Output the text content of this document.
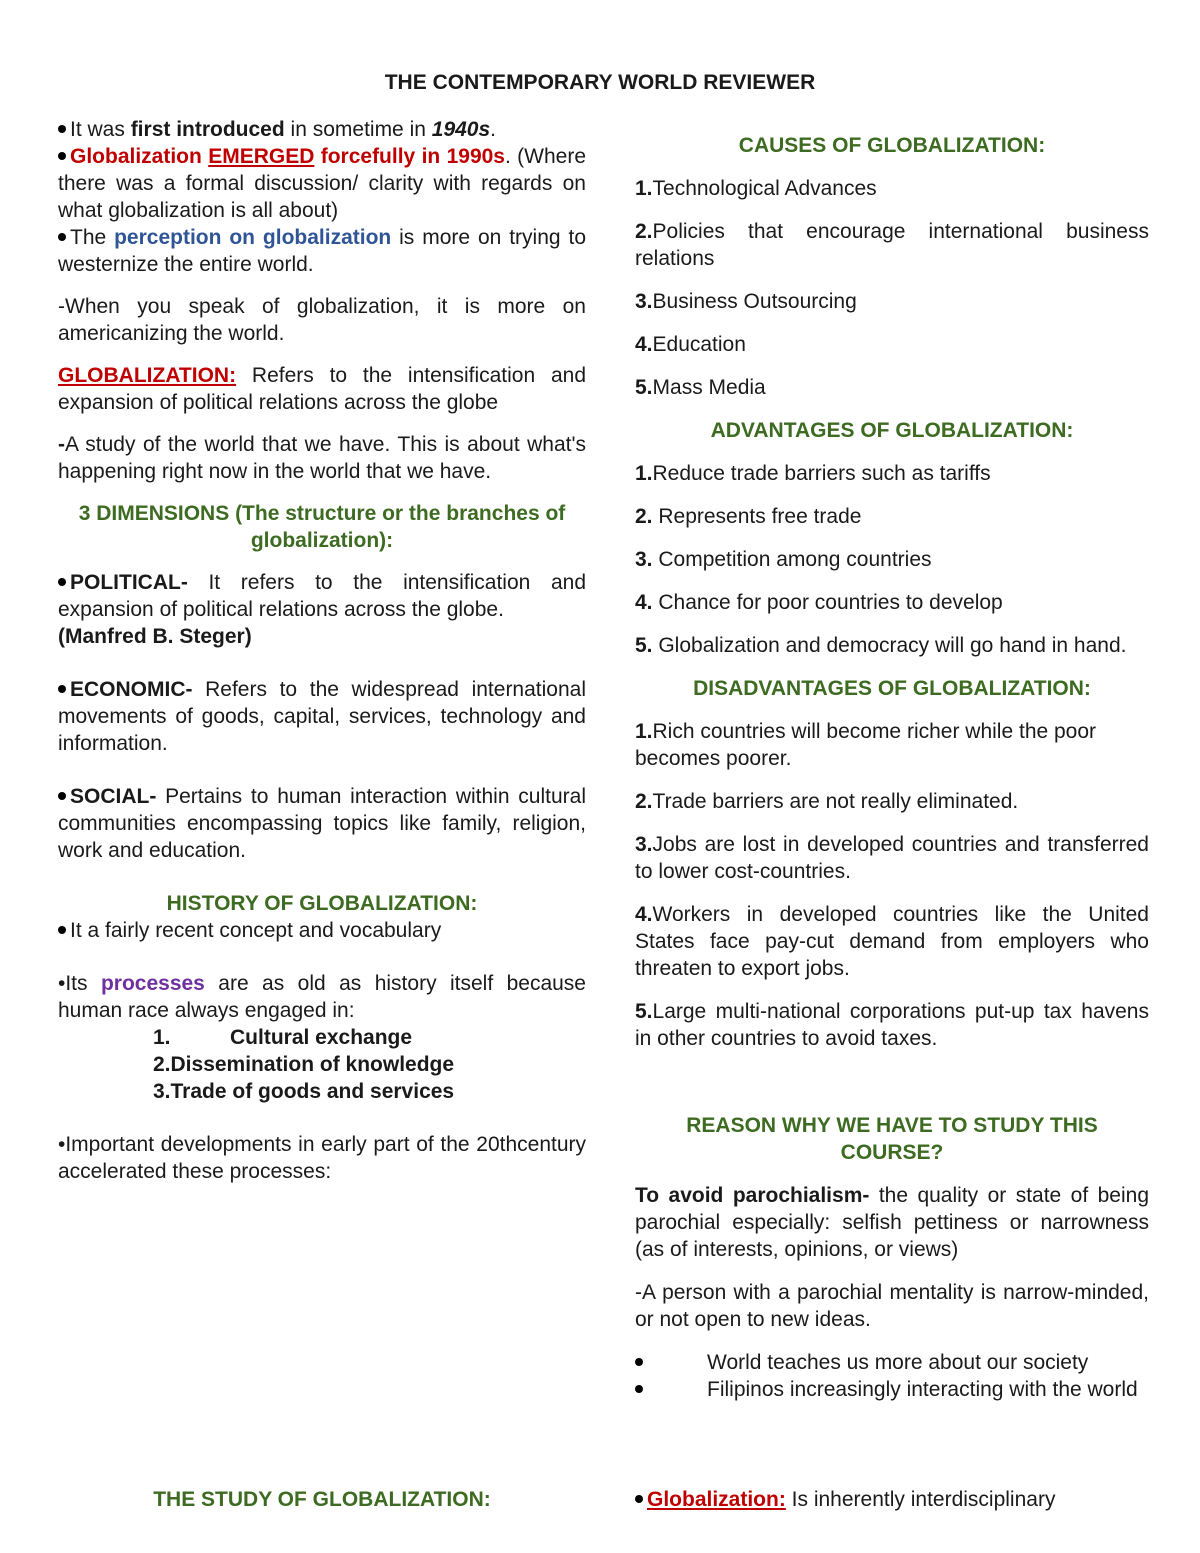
THE CONTEMPORARY WORLD REVIEWER

It was first introduced in sometime in 1940s.

Globalization EMERGED forcefully in 1990s. (Where there was a formal discussion/ clarity with regards on what globalization is all about)

The perception on globalization is more on trying to westernize the entire world.

-When you speak of globalization, it is more on americanizing the world.

GLOBALIZATION: Refers to the intensification and expansion of political relations across the globe

-A study of the world that we have. This is about what's happening right now in the world that we have.

3 DIMENSIONS (The structure or the branches of globalization):

POLITICAL- It refers to the intensification and expansion of political relations across the globe.
(Manfred B. Steger)

ECONOMIC- Refers to the widespread international movements of goods, capital, services, technology and information.

SOCIAL- Pertains to human interaction within cultural communities encompassing topics like family, religion, work and education.

HISTORY OF GLOBALIZATION:

It a fairly recent concept and vocabulary

•Its processes are as old as history itself because human race always engaged in:

1.	Cultural exchange

2.Dissemination of knowledge

3.Trade of goods and services

•Important developments in early part of the 20thcentury accelerated these processes:

CAUSES OF GLOBALIZATION:

1.Technological Advances

2.Policies that encourage international business relations

3.Business Outsourcing

4.Education

5.Mass Media

ADVANTAGES OF GLOBALIZATION:

1.Reduce trade barriers such as tariffs

2. Represents free trade

3. Competition among countries

4. Chance for poor countries to develop

5. Globalization and democracy will go hand in hand.

DISADVANTAGES OF GLOBALIZATION:

1.Rich countries will become richer while the poor becomes poorer.

2.Trade barriers are not really eliminated.

3.Jobs are lost in developed countries and transferred to lower cost-countries.

4.Workers in developed countries like the United States face pay-cut demand from employers who threaten to export jobs.

5.Large multi-national corporations put-up tax havens in other countries to avoid taxes.

REASON WHY WE HAVE TO STUDY THIS COURSE?

To avoid parochialism- the quality or state of being parochial especially: selfish pettiness or narrowness (as of interests, opinions, or views)

-A person with a parochial mentality is narrow-minded, or not open to new ideas.

World teaches us more about our society

Filipinos increasingly interacting with the world

THE STUDY OF GLOBALIZATION:	Globalization: Is inherently interdisciplinary
